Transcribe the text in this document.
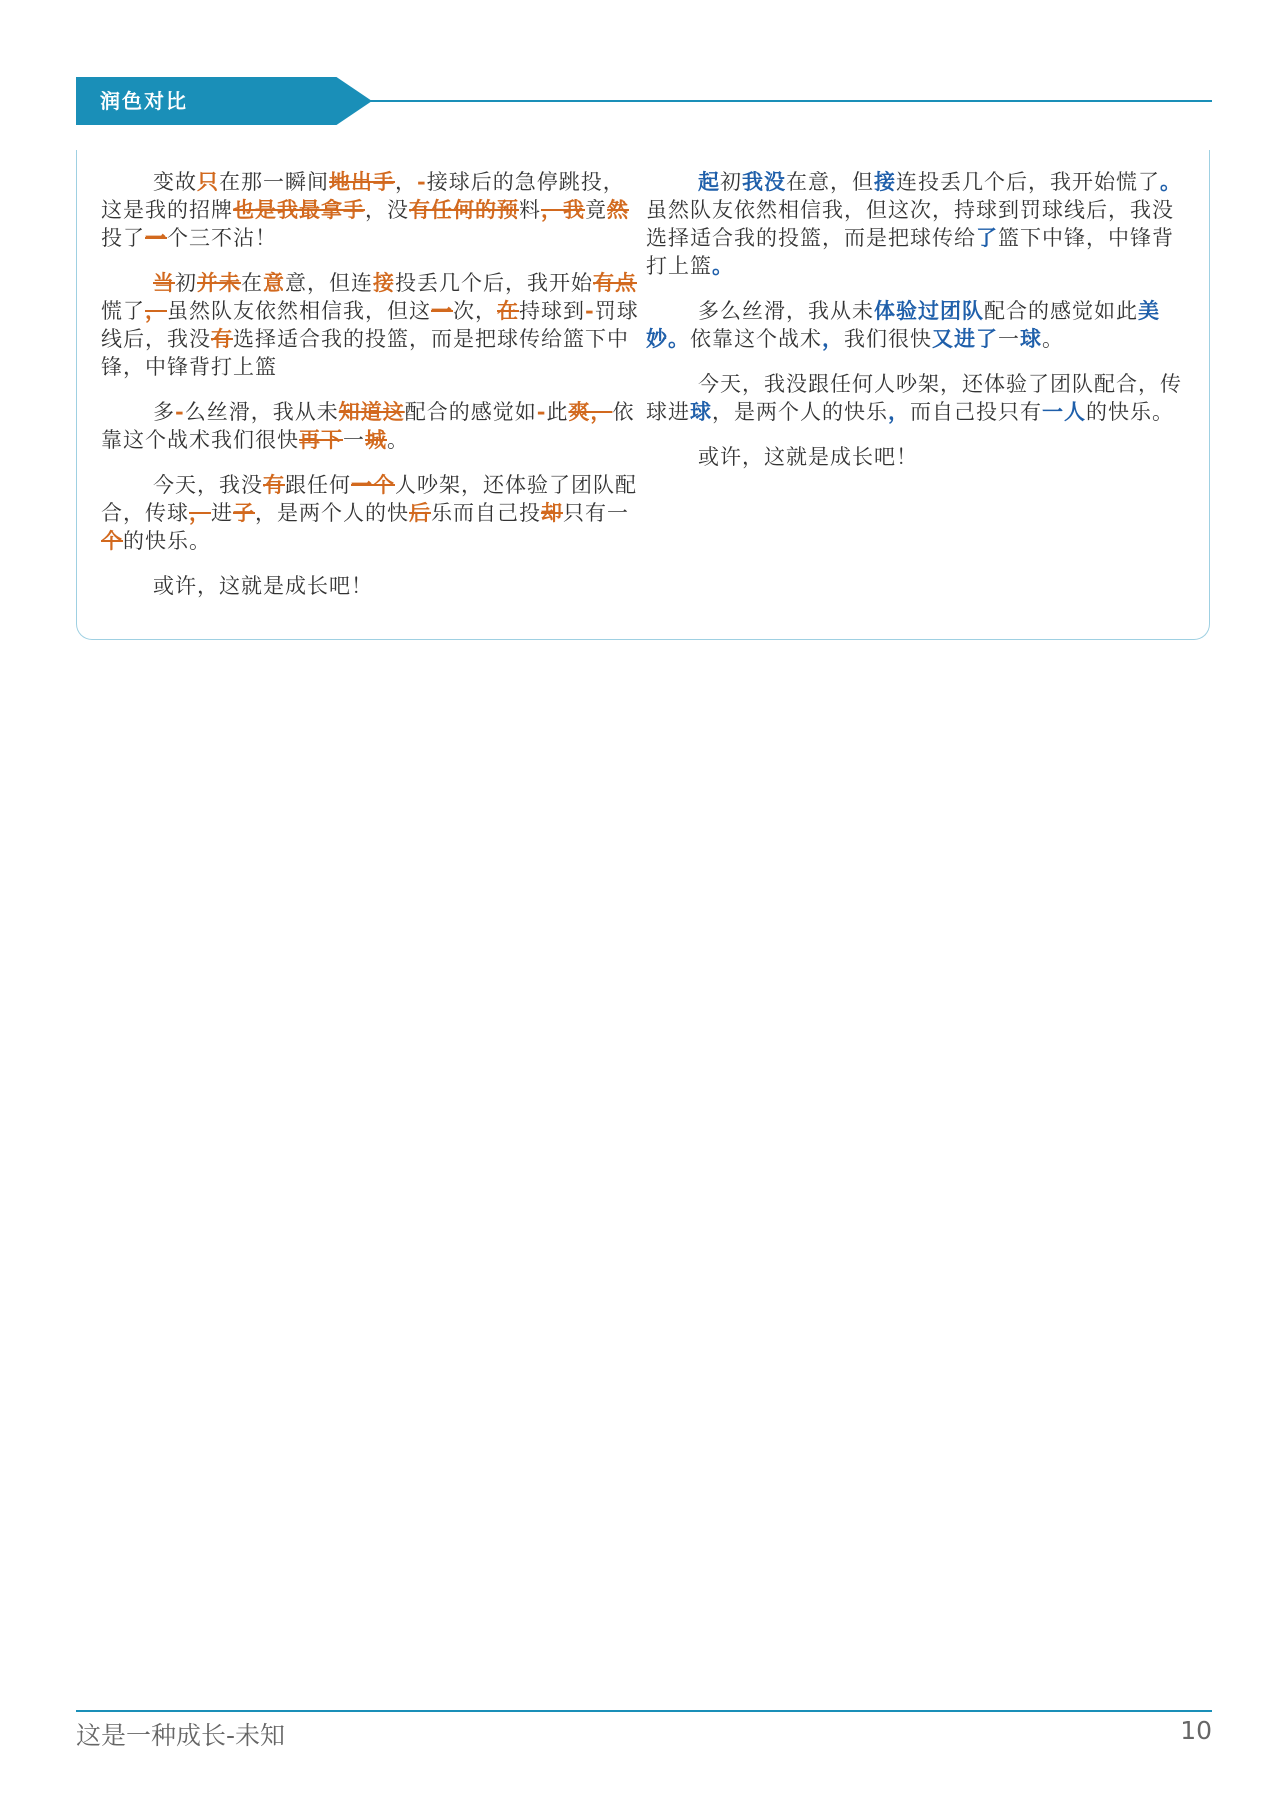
润色对比

变故只在那一瞬间地出手，-接球后的急停跳投，这是我的招牌也是我最拿手，没有任何的预料，我竟然投了一个三不沾！

当初并未在意意，但连接投丢几个后，我开始有点慌了，虽然队友依然相信我，但这一次，在持球到-罚球线后，我没有选择适合我的投篮，而是把球传给篮下中锋，中锋背打上篮

多-么丝滑，我从未知道这配合的感觉如-此爽，依靠这个战术我们很快再下一城。

今天，我没有跟任何一个人吵架，还体验了团队配合，传球，进子，是两个人的快后乐而自己投却只有一个的快乐。

或许，这就是成长吧！

起初我没在意，但接连投丢几个后，我开始慌了。虽然队友依然相信我，但这次，持球到罚球线后，我没选择适合我的投篮，而是把球传给了篮下中锋，中锋背打上篮。

多么丝滑，我从未体验过团队配合的感觉如此美妙。依靠这个战术，我们很快又进了一球。

今天，我没跟任何人吵架，还体验了团队配合，传球进球，是两个人的快乐，而自己投只有一人的快乐。

或许，这就是成长吧！

这是一种成长-未知	10
